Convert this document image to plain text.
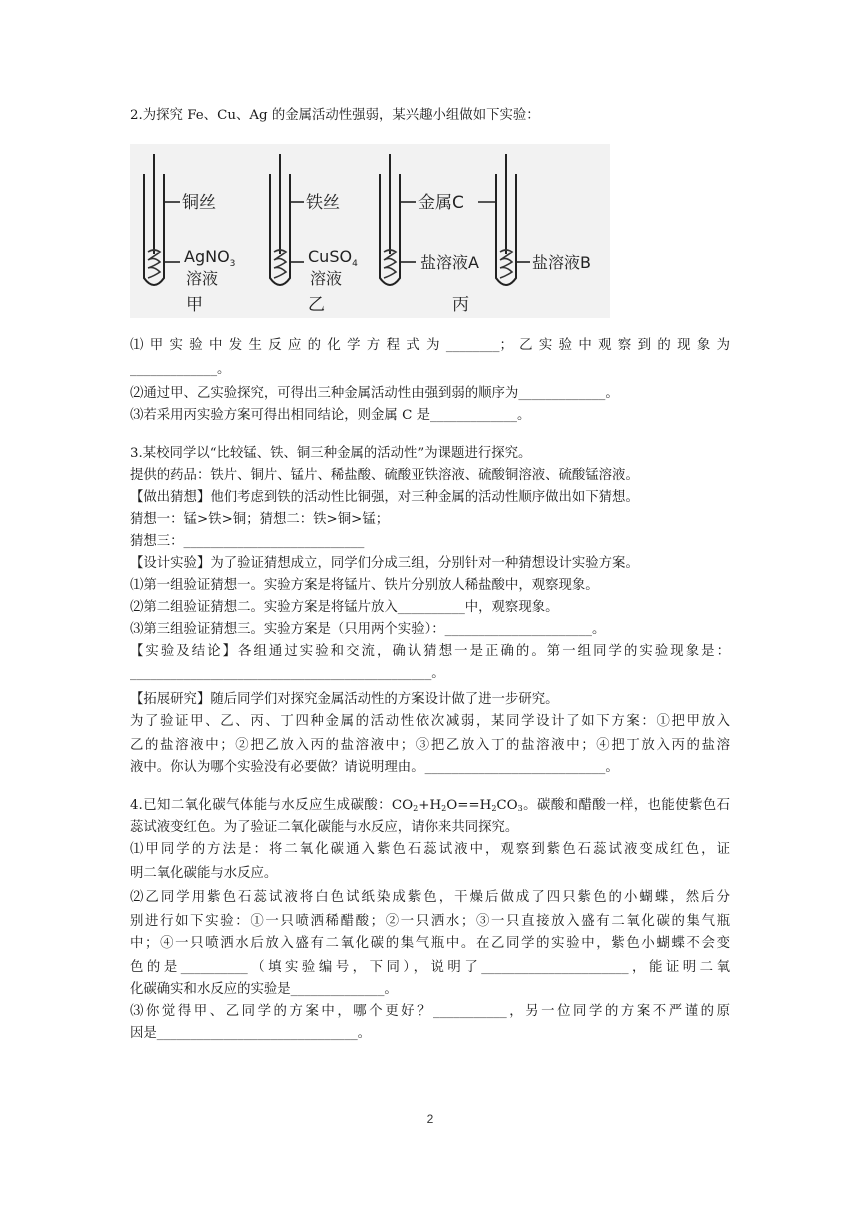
2.为探究 Fe、Cu、Ag 的金属活动性强弱，某兴趣小组做如下实验：
铜丝
AgNO$_3$
溶液
甲
铁丝
CuSO$_4$
溶液
乙
金属C
盐溶液A
丙
盐溶液B
⑴甲实验中发生反应的化学方程式为________；乙实验中观察到的现象为
_____________。
⑵通过甲、乙实验探究，可得出三种金属活动性由强到弱的顺序为_____________。
⑶若采用丙实验方案可得出相同结论，则金属 C 是_____________。
3.某校同学以“比较锰、铁、铜三种金属的活动性”为课题进行探究。
提供的药品：铁片、铜片、锰片、稀盐酸、硫酸亚铁溶液、硫酸铜溶液、硫酸锰溶液。
【做出猜想】他们考虑到铁的活动性比铜强，对三种金属的活动性顺序做出如下猜想。
猜想一：锰>铁>铜；猜想二：铁>铜>锰；
猜想三：___________________________
【设计实验】为了验证猜想成立，同学们分成三组，分别针对一种猜想设计实验方案。
⑴第一组验证猜想一。实验方案是将锰片、铁片分别放人稀盐酸中，观察现象。
⑵第二组验证猜想二。实验方案是将锰片放入__________中，观察现象。
⑶第三组验证猜想三。实验方案是（只用两个实验）：______________________。
【实验及结论】各组通过实验和交流，确认猜想一是正确的。第一组同学的实验现象是：
_____________________________________________。
【拓展研究】随后同学们对探究金属活动性的方案设计做了进一步研究。
为了验证甲、乙、丙、丁四种金属的活动性依次减弱，某同学设计了如下方案：①把甲放入
乙的盐溶液中；②把乙放入丙的盐溶液中；③把乙放入丁的盐溶液中；④把丁放入丙的盐溶
液中。你认为哪个实验没有必要做？请说明理由。___________________________。
4.已知二氧化碳气体能与水反应生成碳酸：$CO_2+H_2O==H_2CO_3$。碳酸和醋酸一样，也能使紫色石
蕊试液变红色。为了验证二氧化碳能与水反应，请你来共同探究。
⑴甲同学的方法是：将二氧化碳通入紫色石蕊试液中，观察到紫色石蕊试液变成红色，证
明二氧化碳能与水反应。
⑵乙同学用紫色石蕊试液将白色试纸染成紫色，干燥后做成了四只紫色的小蝴蝶，然后分
别进行如下实验：①一只喷洒稀醋酸；②一只洒水；③一只直接放入盛有二氧化碳的集气瓶
中；④一只喷洒水后放入盛有二氧化碳的集气瓶中。在乙同学的实验中，紫色小蝴蝶不会变
色的是__________（填实验编号，下同），说明了______________________，能证明二氧
化碳确实和水反应的实验是______________。
⑶你觉得甲、乙同学的方案中，哪个更好？___________，另一位同学的方案不严谨的原
因是______________________________。
2
